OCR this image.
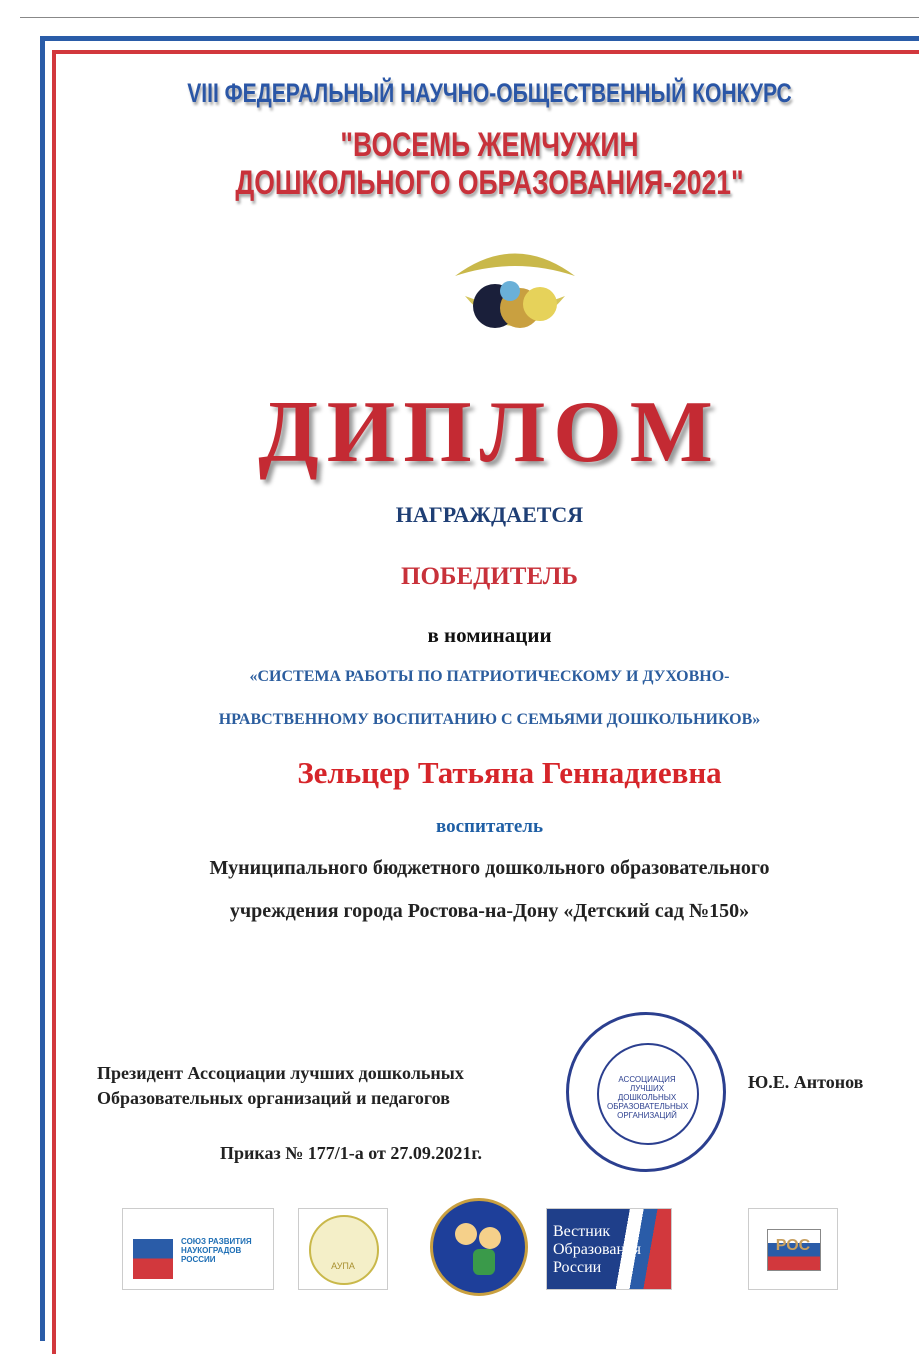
VIII ФЕДЕРАЛЬНЫЙ НАУЧНО-ОБЩЕСТВЕННЫЙ КОНКУРС
"ВОСЕМЬ ЖЕМЧУЖИН
ДОШКОЛЬНОГО ОБРАЗОВАНИЯ-2021"
ДИПЛОМ
НАГРАЖДАЕТСЯ
ПОБЕДИТЕЛЬ
в номинации
«СИСТЕМА РАБОТЫ ПО ПАТРИОТИЧЕСКОМУ И ДУХОВНО-
НРАВСТВЕННОМУ ВОСПИТАНИЮ С СЕМЬЯМИ ДОШКОЛЬНИКОВ»
Зельцер Татьяна Геннадиевна
воспитатель
Муниципального бюджетного дошкольного образовательного
учреждения города Ростова-на-Дону «Детский сад №150»
Президент Ассоциации лучших дошкольных
Образовательных организаций и педагогов
Ю.Е. Антонов
Приказ № 177/1-а от 27.09.2021г.
АССОЦИАЦИЯ ЛУЧШИХ ДОШКОЛЬНЫХ ОБРАЗОВАТЕЛЬНЫХ ОРГАНИЗАЦИЙ
СОЮЗ РАЗВИТИЯ НАУКОГРАДОВ РОССИИ
АУПА
Вестник Образования России
РОС
